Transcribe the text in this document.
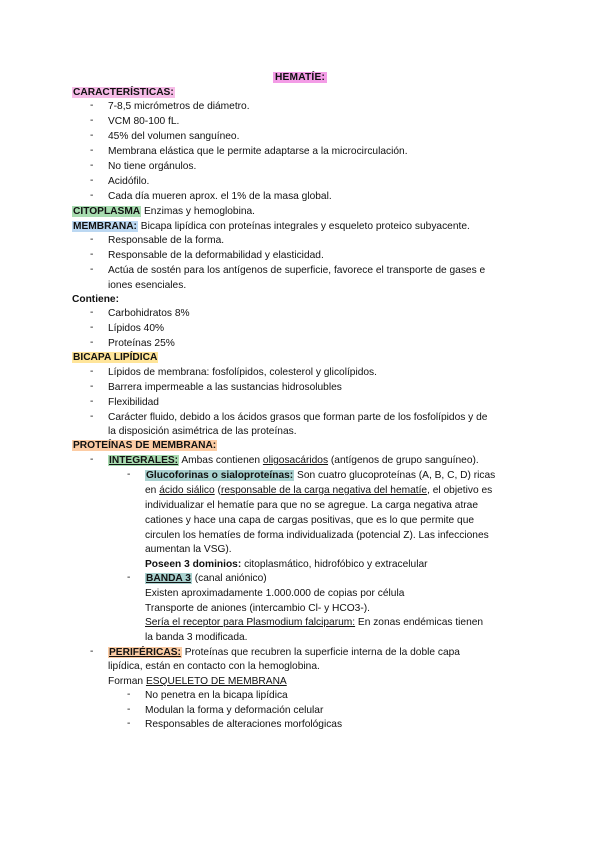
HEMATÍE:
CARACTERÍSTICAS:
- 7-8,5 micrómetros de diámetro.
- VCM 80-100 fL.
- 45% del volumen sanguíneo.
- Membrana elástica que le permite adaptarse a la microcirculación.
- No tiene orgánulos.
- Acidófilo.
- Cada día mueren aprox. el 1% de la masa global.
CITOPLASMA Enzimas y hemoglobina.
MEMBRANA: Bicapa lipídica con proteínas integrales y esqueleto proteico subyacente.
- Responsable de la forma.
- Responsable de la deformabilidad y elasticidad.
- Actúa de sostén para los antígenos de superficie, favorece el transporte de gases e
iones esenciales.
Contiene:
- Carbohidratos 8%
- Lípidos 40%
- Proteínas 25%
BICAPA LIPÍDICA
- Lípidos de membrana: fosfolípidos, colesterol y glicolípidos.
- Barrera impermeable a las sustancias hidrosolubles
- Flexibilidad
- Carácter fluido, debido a los ácidos grasos que forman parte de los fosfolípidos y de
la disposición asimétrica de las proteínas.
PROTEÍNAS DE MEMBRANA:
- INTEGRALES: Ambas contienen oligosacáridos (antígenos de grupo sanguíneo).
- Glucoforinas o sialoproteínas: Son cuatro glucoproteínas (A, B, C, D) ricas
en ácido siálico (responsable de la carga negativa del hematíe, el objetivo es
individualizar el hematíe para que no se agregue. La carga negativa atrae
cationes y hace una capa de cargas positivas, que es lo que permite que
circulen los hematíes de forma individualizada (potencial Z). Las infecciones
aumentan la VSG).
Poseen 3 dominios: citoplasmático, hidrofóbico y extracelular
- BANDA 3 (canal aniónico)
Existen aproximadamente 1.000.000 de copias por célula
Transporte de aniones (intercambio Cl- y HCO3-).
Sería el receptor para Plasmodium falciparum: En zonas endémicas tienen
la banda 3 modificada.
- PERIFÉRICAS: Proteínas que recubren la superficie interna de la doble capa
lipídica, están en contacto con la hemoglobina.
Forman ESQUELETO DE MEMBRANA
- No penetra en la bicapa lipídica
- Modulan la forma y deformación celular
- Responsables de alteraciones morfológicas
